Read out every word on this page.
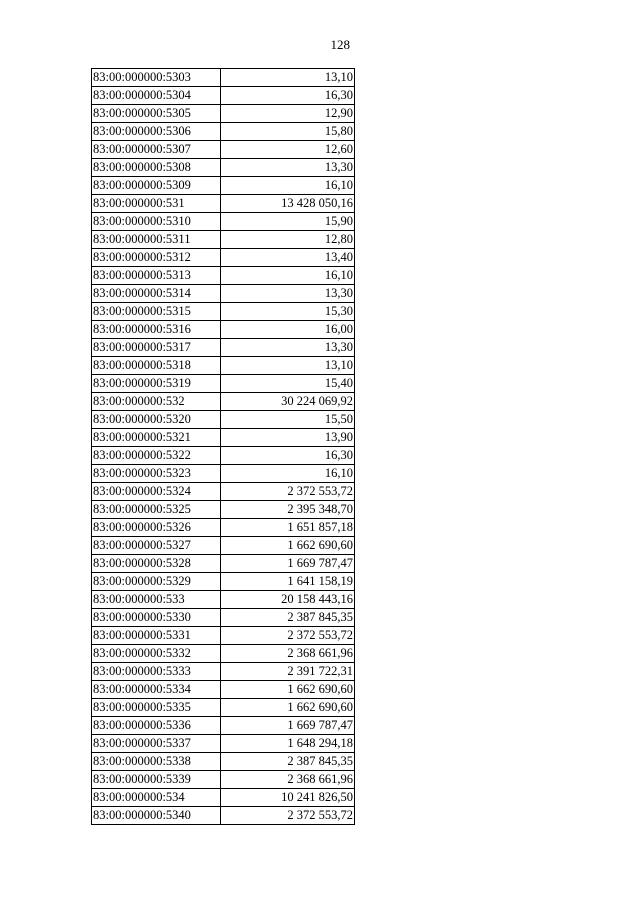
128
83:00:000000:5303	13,10
83:00:000000:5304	16,30
83:00:000000:5305	12,90
83:00:000000:5306	15,80
83:00:000000:5307	12,60
83:00:000000:5308	13,30
83:00:000000:5309	16,10
83:00:000000:531	13 428 050,16
83:00:000000:5310	15,90
83:00:000000:5311	12,80
83:00:000000:5312	13,40
83:00:000000:5313	16,10
83:00:000000:5314	13,30
83:00:000000:5315	15,30
83:00:000000:5316	16,00
83:00:000000:5317	13,30
83:00:000000:5318	13,10
83:00:000000:5319	15,40
83:00:000000:532	30 224 069,92
83:00:000000:5320	15,50
83:00:000000:5321	13,90
83:00:000000:5322	16,30
83:00:000000:5323	16,10
83:00:000000:5324	2 372 553,72
83:00:000000:5325	2 395 348,70
83:00:000000:5326	1 651 857,18
83:00:000000:5327	1 662 690,60
83:00:000000:5328	1 669 787,47
83:00:000000:5329	1 641 158,19
83:00:000000:533	20 158 443,16
83:00:000000:5330	2 387 845,35
83:00:000000:5331	2 372 553,72
83:00:000000:5332	2 368 661,96
83:00:000000:5333	2 391 722,31
83:00:000000:5334	1 662 690,60
83:00:000000:5335	1 662 690,60
83:00:000000:5336	1 669 787,47
83:00:000000:5337	1 648 294,18
83:00:000000:5338	2 387 845,35
83:00:000000:5339	2 368 661,96
83:00:000000:534	10 241 826,50
83:00:000000:5340	2 372 553,72
